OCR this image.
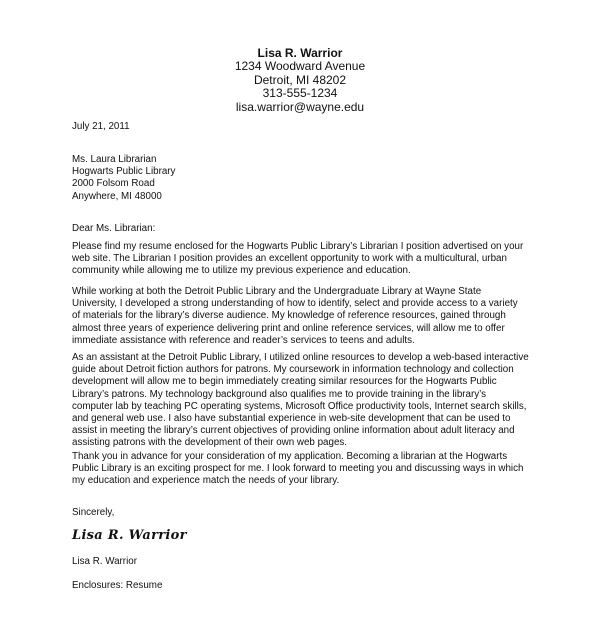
Lisa R. Warrior
1234 Woodward Avenue
Detroit, MI 48202
313-555-1234
lisa.warrior@wayne.edu
July 21, 2011
Ms. Laura Librarian
Hogwarts Public Library
2000 Folsom Road
Anywhere, MI 48000
Dear Ms. Librarian:
Please find my resume enclosed for the Hogwarts Public Library’s Librarian I position advertised on your
web site. The Librarian I position provides an excellent opportunity to work with a multicultural, urban
community while allowing me to utilize my previous experience and education.
While working at both the Detroit Public Library and the Undergraduate Library at Wayne State
University, I developed a strong understanding of how to identify, select and provide access to a variety
of materials for the library’s diverse audience. My knowledge of reference resources, gained through
almost three years of experience delivering print and online reference services, will allow me to offer
immediate assistance with reference and reader’s services to teens and adults.
As an assistant at the Detroit Public Library, I utilized online resources to develop a web-based interactive
guide about Detroit fiction authors for patrons. My coursework in information technology and collection
development will allow me to begin immediately creating similar resources for the Hogwarts Public
Library’s patrons. My technology background also qualifies me to provide training in the library’s
computer lab by teaching PC operating systems, Microsoft Office productivity tools, Internet search skills,
and general web use. I also have substantial experience in web-site development that can be used to
assist in meeting the library’s current objectives of providing online information about adult literacy and
assisting patrons with the development of their own web pages.
Thank you in advance for your consideration of my application. Becoming a librarian at the Hogwarts
Public Library is an exciting prospect for me. I look forward to meeting you and discussing ways in which
my education and experience match the needs of your library.
Sincerely,
Lisa R. Warrior
Lisa R. Warrior
Enclosures: Resume
